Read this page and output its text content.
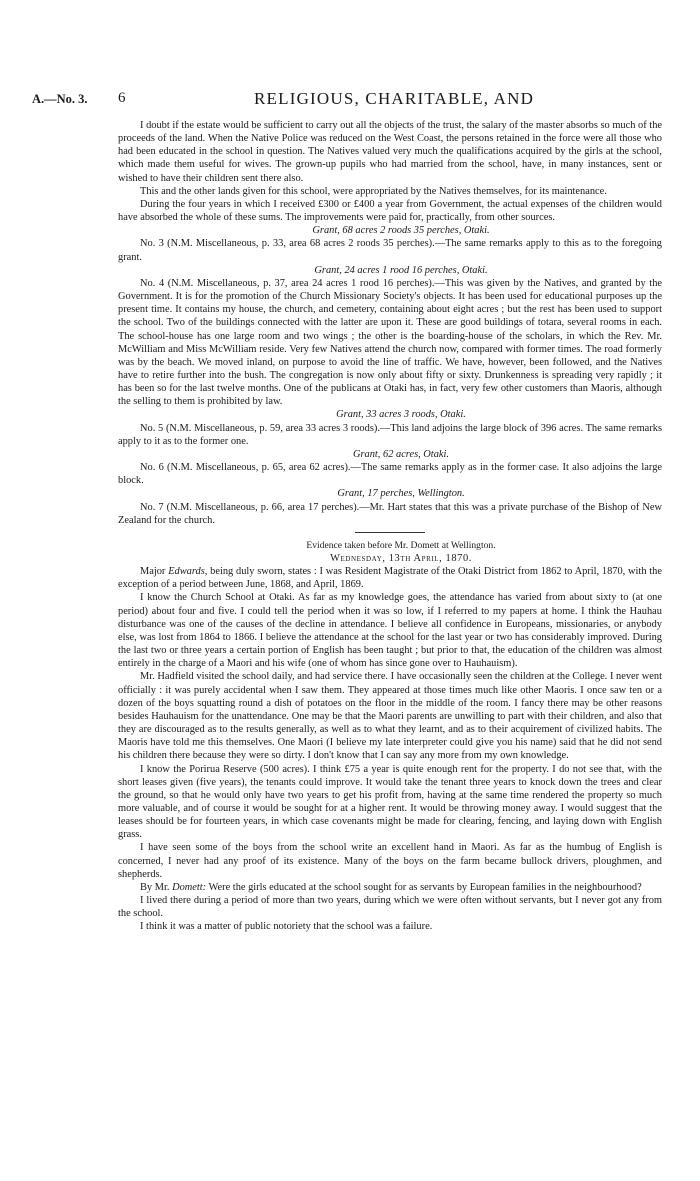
A.—No. 3. 6	RELIGIOUS, CHARITABLE, AND

I doubt if the estate would be sufficient to carry out all the objects of the trust, the salary of the master absorbs so much of the proceeds of the land. When the Native Police was reduced on the West Coast, the persons retained in the force were all those who had been educated in the school in question. The Natives valued very much the qualifications acquired by the girls at the school, which made them useful for wives. The grown-up pupils who had married from the school, have, in many instances, sent or wished to have their children sent there also.

This and the other lands given for this school, were appropriated by the Natives themselves, for its maintenance.

During the four years in which I received £300 or £400 a year from Government, the actual expenses of the children would have absorbed the whole of these sums. The improvements were paid for, practically, from other sources.

Grant, 68 acres 2 roods 35 perches, Otaki.

No. 3 (N.M. Miscellaneous, p. 33, area 68 acres 2 roods 35 perches).—The same remarks apply to this as to the foregoing grant.

Grant, 24 acres 1 rood 16 perches, Otaki.

No. 4 (N.M. Miscellaneous, p. 37, area 24 acres 1 rood 16 perches).—This was given by the Natives, and granted by the Government. It is for the promotion of the Church Missionary Society's objects. It has been used for educational purposes up the present time. It contains my house, the church, and cemetery, containing about eight acres ; but the rest has been used to support the school. Two of the buildings connected with the latter are upon it. These are good buildings of totara, several rooms in each. The school-house has one large room and two wings ; the other is the boarding-house of the scholars, in which the Rev. Mr. McWilliam and Miss McWilliam reside. Very few Natives attend the church now, compared with former times. The road formerly was by the beach. We moved inland, on purpose to avoid the line of traffic. We have, however, been followed, and the Natives have to retire further into the bush. The congregation is now only about fifty or sixty. Drunkenness is spreading very rapidly ; it has been so for the last twelve months. One of the publicans at Otaki has, in fact, very few other customers than Maoris, although the selling to them is prohibited by law.

Grant, 33 acres 3 roods, Otaki.

No. 5 (N.M. Miscellaneous, p. 59, area 33 acres 3 roods).—This land adjoins the large block of 396 acres. The same remarks apply to it as to the former one.

Grant, 62 acres, Otaki.

No. 6 (N.M. Miscellaneous, p. 65, area 62 acres).—The same remarks apply as in the former case. It also adjoins the large block.

Grant, 17 perches, Wellington.

No. 7 (N.M. Miscellaneous, p. 66, area 17 perches).—Mr. Hart states that this was a private purchase of the Bishop of New Zealand for the church.

Evidence taken before Mr. Domett at Wellington.

Wednesday, 13th April, 1870.

Major Edwards, being duly sworn, states : I was Resident Magistrate of the Otaki District from 1862 to April, 1870, with the exception of a period between June, 1868, and April, 1869.

I know the Church School at Otaki. As far as my knowledge goes, the attendance has varied from about sixty to (at one period) about four and five. I could tell the period when it was so low, if I referred to my papers at home. I think the Hauhau disturbance was one of the causes of the decline in attendance. I believe all confidence in Europeans, missionaries, or anybody else, was lost from 1864 to 1866. I believe the attendance at the school for the last year or two has considerably improved. During the last two or three years a certain portion of English has been taught ; but prior to that, the education of the children was almost entirely in the charge of a Maori and his wife (one of whom has since gone over to Hauhauism).

Mr. Hadfield visited the school daily, and had service there. I have occasionally seen the children at the College. I never went officially : it was purely accidental when I saw them. They appeared at those times much like other Maoris. I once saw ten or a dozen of the boys squatting round a dish of potatoes on the floor in the middle of the room. I fancy there may be other reasons besides Hauhauism for the unattendance. One may be that the Maori parents are unwilling to part with their children, and also that they are discouraged as to the results generally, as well as to what they learnt, and as to their acquirement of civilized habits. The Maoris have told me this themselves. One Maori (I believe my late interpreter could give you his name) said that he did not send his children there because they were so dirty. I don't know that I can say any more from my own knowledge.

I know the Porirua Reserve (500 acres). I think £75 a year is quite enough rent for the property. I do not see that, with the short leases given (five years), the tenants could improve. It would take the tenant three years to knock down the trees and clear the ground, so that he would only have two years to get his profit from, having at the same time rendered the property so much more valuable, and of course it would be sought for at a higher rent. It would be throwing money away. I would suggest that the leases should be for fourteen years, in which case covenants might be made for clearing, fencing, and laying down with English grass.

I have seen some of the boys from the school write an excellent hand in Maori. As far as the humbug of English is concerned, I never had any proof of its existence. Many of the boys on the farm became bullock drivers, ploughmen, and shepherds.

By Mr. Domett: Were the girls educated at the school sought for as servants by European families in the neighbourhood?

I lived there during a period of more than two years, during which we were often without servants, but I never got any from the school.

I think it was a matter of public notoriety that the school was a failure.
